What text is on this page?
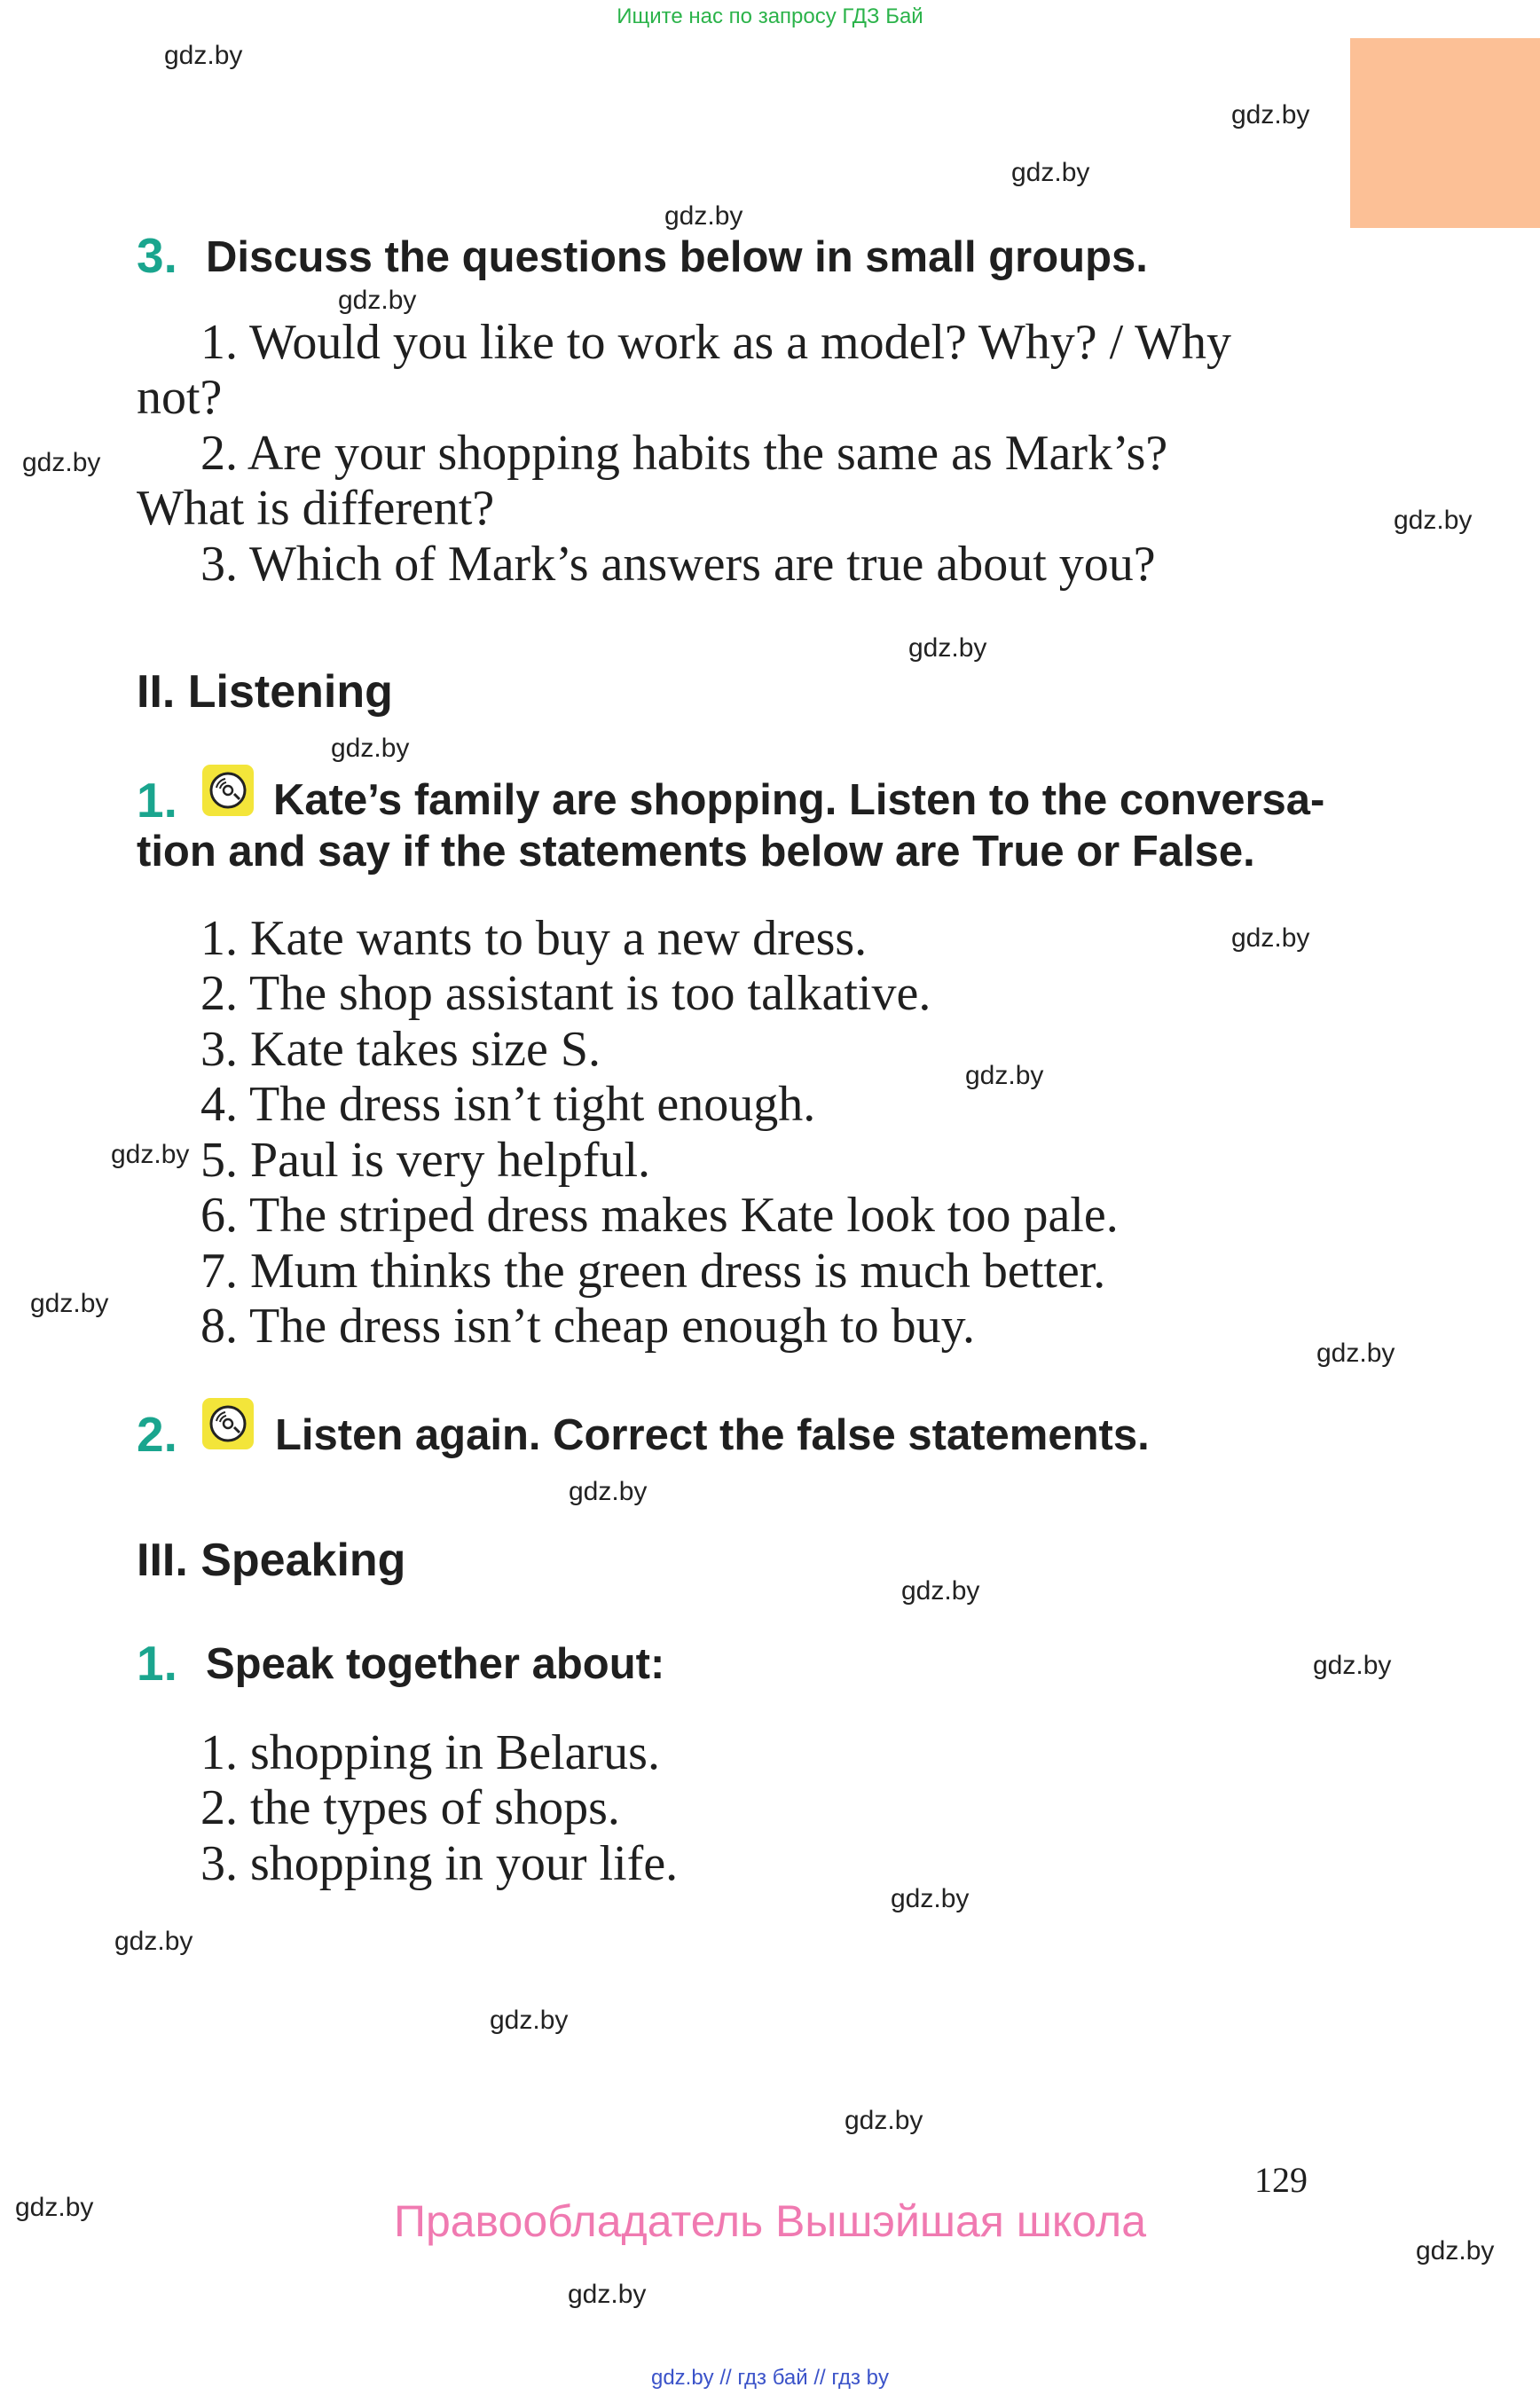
Ищите нас по запросу ГДЗ Бай
gdz.by
gdz.by
gdz.by
gdz.by
gdz.by
gdz.by
gdz.by
gdz.by
gdz.by
gdz.by
gdz.by
gdz.by
gdz.by
gdz.by
gdz.by
gdz.by
gdz.by
gdz.by
gdz.by
gdz.by
gdz.by
gdz.by
gdz.by
gdz.by
3. Discuss the questions below in small groups.
1. Would you like to work as a model? Why? / Why
not?
2. Are your shopping habits the same as Mark’s?
What is different?
3. Which of Mark’s answers are true about you?
II. Listening
1. Kate’s family are shopping. Listen to the conversa-
tion and say if the statements below are True or False.
1. Kate wants to buy a new dress.
2. The shop assistant is too talkative.
3. Kate takes size S.
4. The dress isn’t tight enough.
5. Paul is very helpful.
6. The striped dress makes Kate look too pale.
7. Mum thinks the green dress is much better.
8. The dress isn’t cheap enough to buy.
2. Listen again. Correct the false statements.
III. Speaking
1. Speak together about:
1. shopping in Belarus.
2. the types of shops.
3. shopping in your life.
129
Правообладатель Вышэйшая школа
gdz.by // гдз бай // гдз by
